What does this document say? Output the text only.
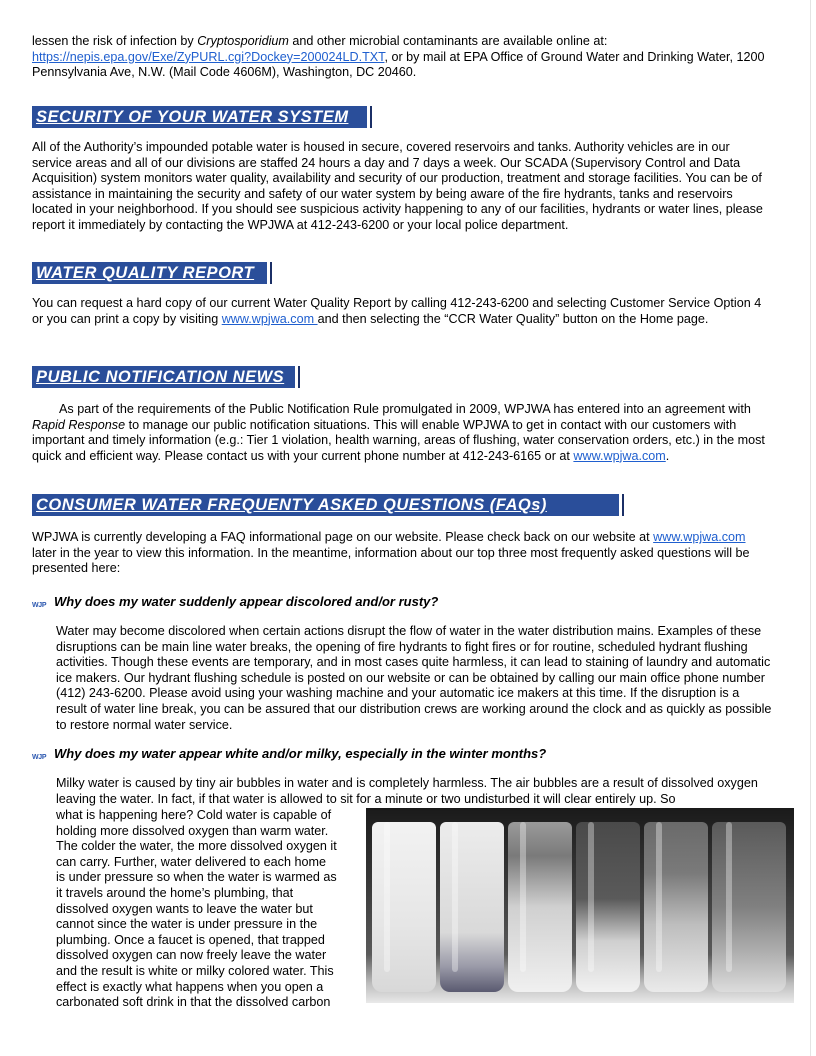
lessen the risk of infection by Cryptosporidium and other microbial contaminants are available online at:
https://nepis.epa.gov/Exe/ZyPURL.cgi?Dockey=200024LD.TXT, or by mail at EPA Office of Ground Water and Drinking Water, 1200 Pennsylvania Ave, N.W. (Mail Code 4606M), Washington, DC 20460.

SECURITY OF YOUR WATER SYSTEM

All of the Authority’s impounded potable water is housed in secure, covered reservoirs and tanks. Authority vehicles are in our service areas and all of our divisions are staffed 24 hours a day and 7 days a week. Our SCADA (Supervisory Control and Data Acquisition) system monitors water quality, availability and security of our production, treatment and storage facilities. You can be of assistance in maintaining the security and safety of our water system by being aware of the fire hydrants, tanks and reservoirs located in your neighborhood. If you should see suspicious activity happening to any of our facilities, hydrants or water lines, please report it immediately by contacting the WPJWA at 412-243-6200 or your local police department.

WATER QUALITY REPORT

You can request a hard copy of our current Water Quality Report by calling 412-243-6200 and selecting Customer Service Option 4 or you can print a copy by visiting www.wpjwa.com and then selecting the “CCR Water Quality” button on the Home page.

PUBLIC NOTIFICATION NEWS

As part of the requirements of the Public Notification Rule promulgated in 2009, WPJWA has entered into an agreement with Rapid Response to manage our public notification situations. This will enable WPJWA to get in contact with our customers with important and timely information (e.g.: Tier 1 violation, health warning, areas of flushing, water conservation orders, etc.) in the most quick and efficient way. Please contact us with your current phone number at 412-243-6165 or at www.wpjwa.com.

CONSUMER WATER FREQUENTY ASKED QUESTIONS (FAQs)

WPJWA is currently developing a FAQ informational page on our website. Please check back on our website at www.wpjwa.com later in the year to view this information. In the meantime, information about our top three most frequently asked questions will be presented here:

WJP Why does my water suddenly appear discolored and/or rusty?

Water may become discolored when certain actions disrupt the flow of water in the water distribution mains. Examples of these disruptions can be main line water breaks, the opening of fire hydrants to fight fires or for routine, scheduled hydrant flushing activities. Though these events are temporary, and in most cases quite harmless, it can lead to staining of laundry and automatic ice makers. Our hydrant flushing schedule is posted on our website or can be obtained by calling our main office phone number (412) 243-6200. Please avoid using your washing machine and your automatic ice makers at this time. If the disruption is a result of water line break, you can be assured that our distribution crews are working around the clock and as quickly as possible to restore normal water service.

WJP Why does my water appear white and/or milky, especially in the winter months?

Milky water is caused by tiny air bubbles in water and is completely harmless. The air bubbles are a result of dissolved oxygen leaving the water. In fact, if that water is allowed to sit for a minute or two undisturbed it will clear entirely up. So

what is happening here? Cold water is capable of
holding more dissolved oxygen than warm water.
The colder the water, the more dissolved oxygen it
can carry. Further, water delivered to each home
is under pressure so when the water is warmed as
it travels around the home’s plumbing, that
dissolved oxygen wants to leave the water but
cannot since the water is under pressure in the
plumbing. Once a faucet is opened, that trapped
dissolved oxygen can now freely leave the water
and the result is white or milky colored water. This
effect is exactly what happens when you open a
carbonated soft drink in that the dissolved carbon
